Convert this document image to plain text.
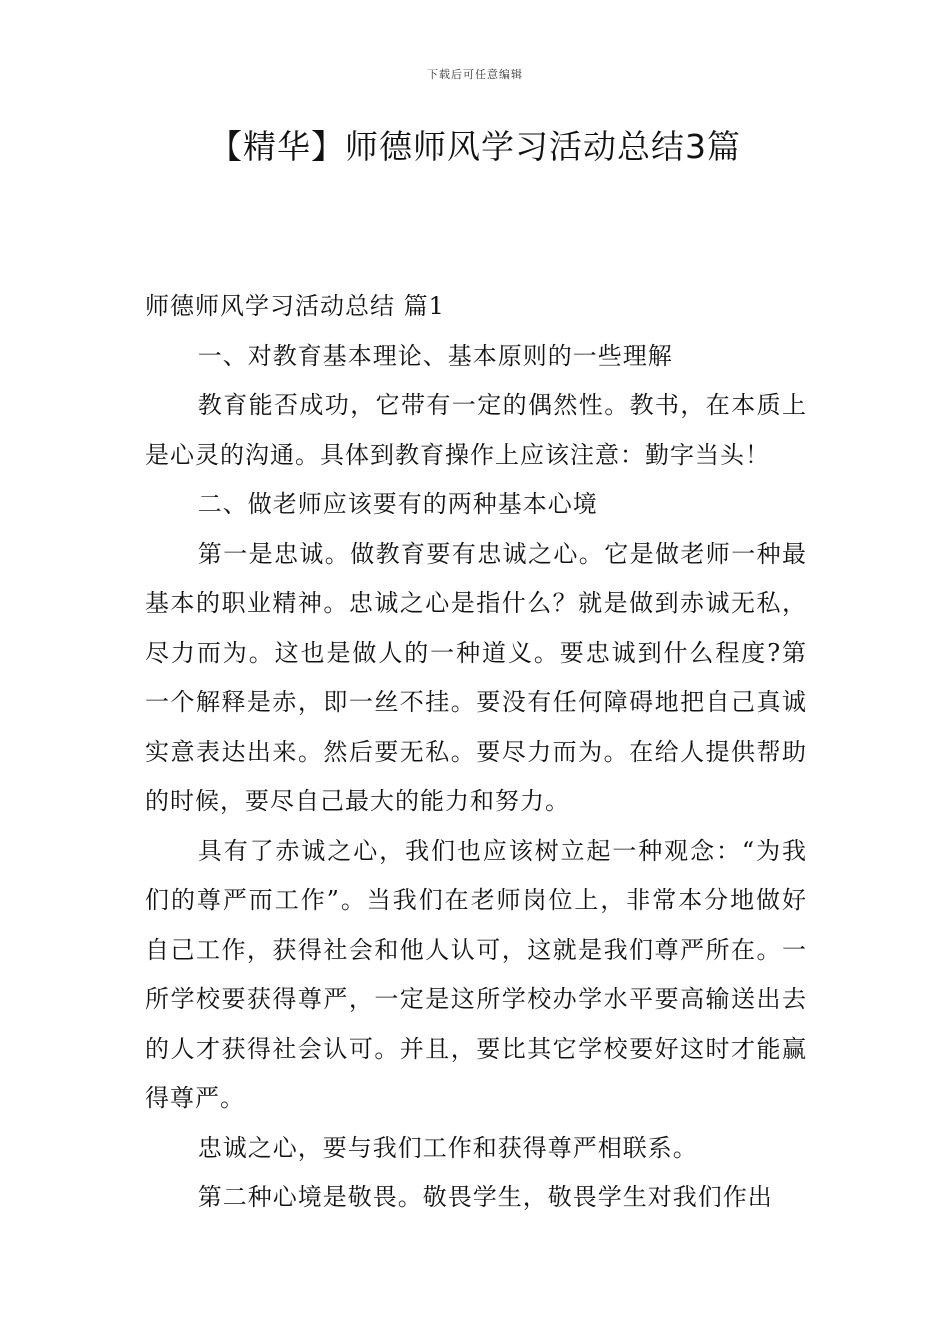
下载后可任意编辑
【精华】师德师风学习活动总结3篇

师德师风学习活动总结 篇1

一、对教育基本理论、基本原则的一些理解

教育能否成功，它带有一定的偶然性。教书，在本质上是心灵的沟通。具体到教育操作上应该注意：勤字当头！

二、做老师应该要有的两种基本心境

第一是忠诚。做教育要有忠诚之心。它是做老师一种最基本的职业精神。忠诚之心是指什么？就是做到赤诚无私，尽力而为。这也是做人的一种道义。要忠诚到什么程度?第一个解释是赤，即一丝不挂。要没有任何障碍地把自己真诚实意表达出来。然后要无私。要尽力而为。在给人提供帮助的时候，要尽自己最大的能力和努力。

具有了赤诚之心，我们也应该树立起一种观念：“为我们的尊严而工作”。当我们在老师岗位上，非常本分地做好自己工作，获得社会和他人认可，这就是我们尊严所在。一所学校要获得尊严，一定是这所学校办学水平要高输送出去的人才获得社会认可。并且，要比其它学校要好这时才能赢得尊严。

忠诚之心，要与我们工作和获得尊严相联系。

第二种心境是敬畏。敬畏学生，敬畏学生对我们作出
